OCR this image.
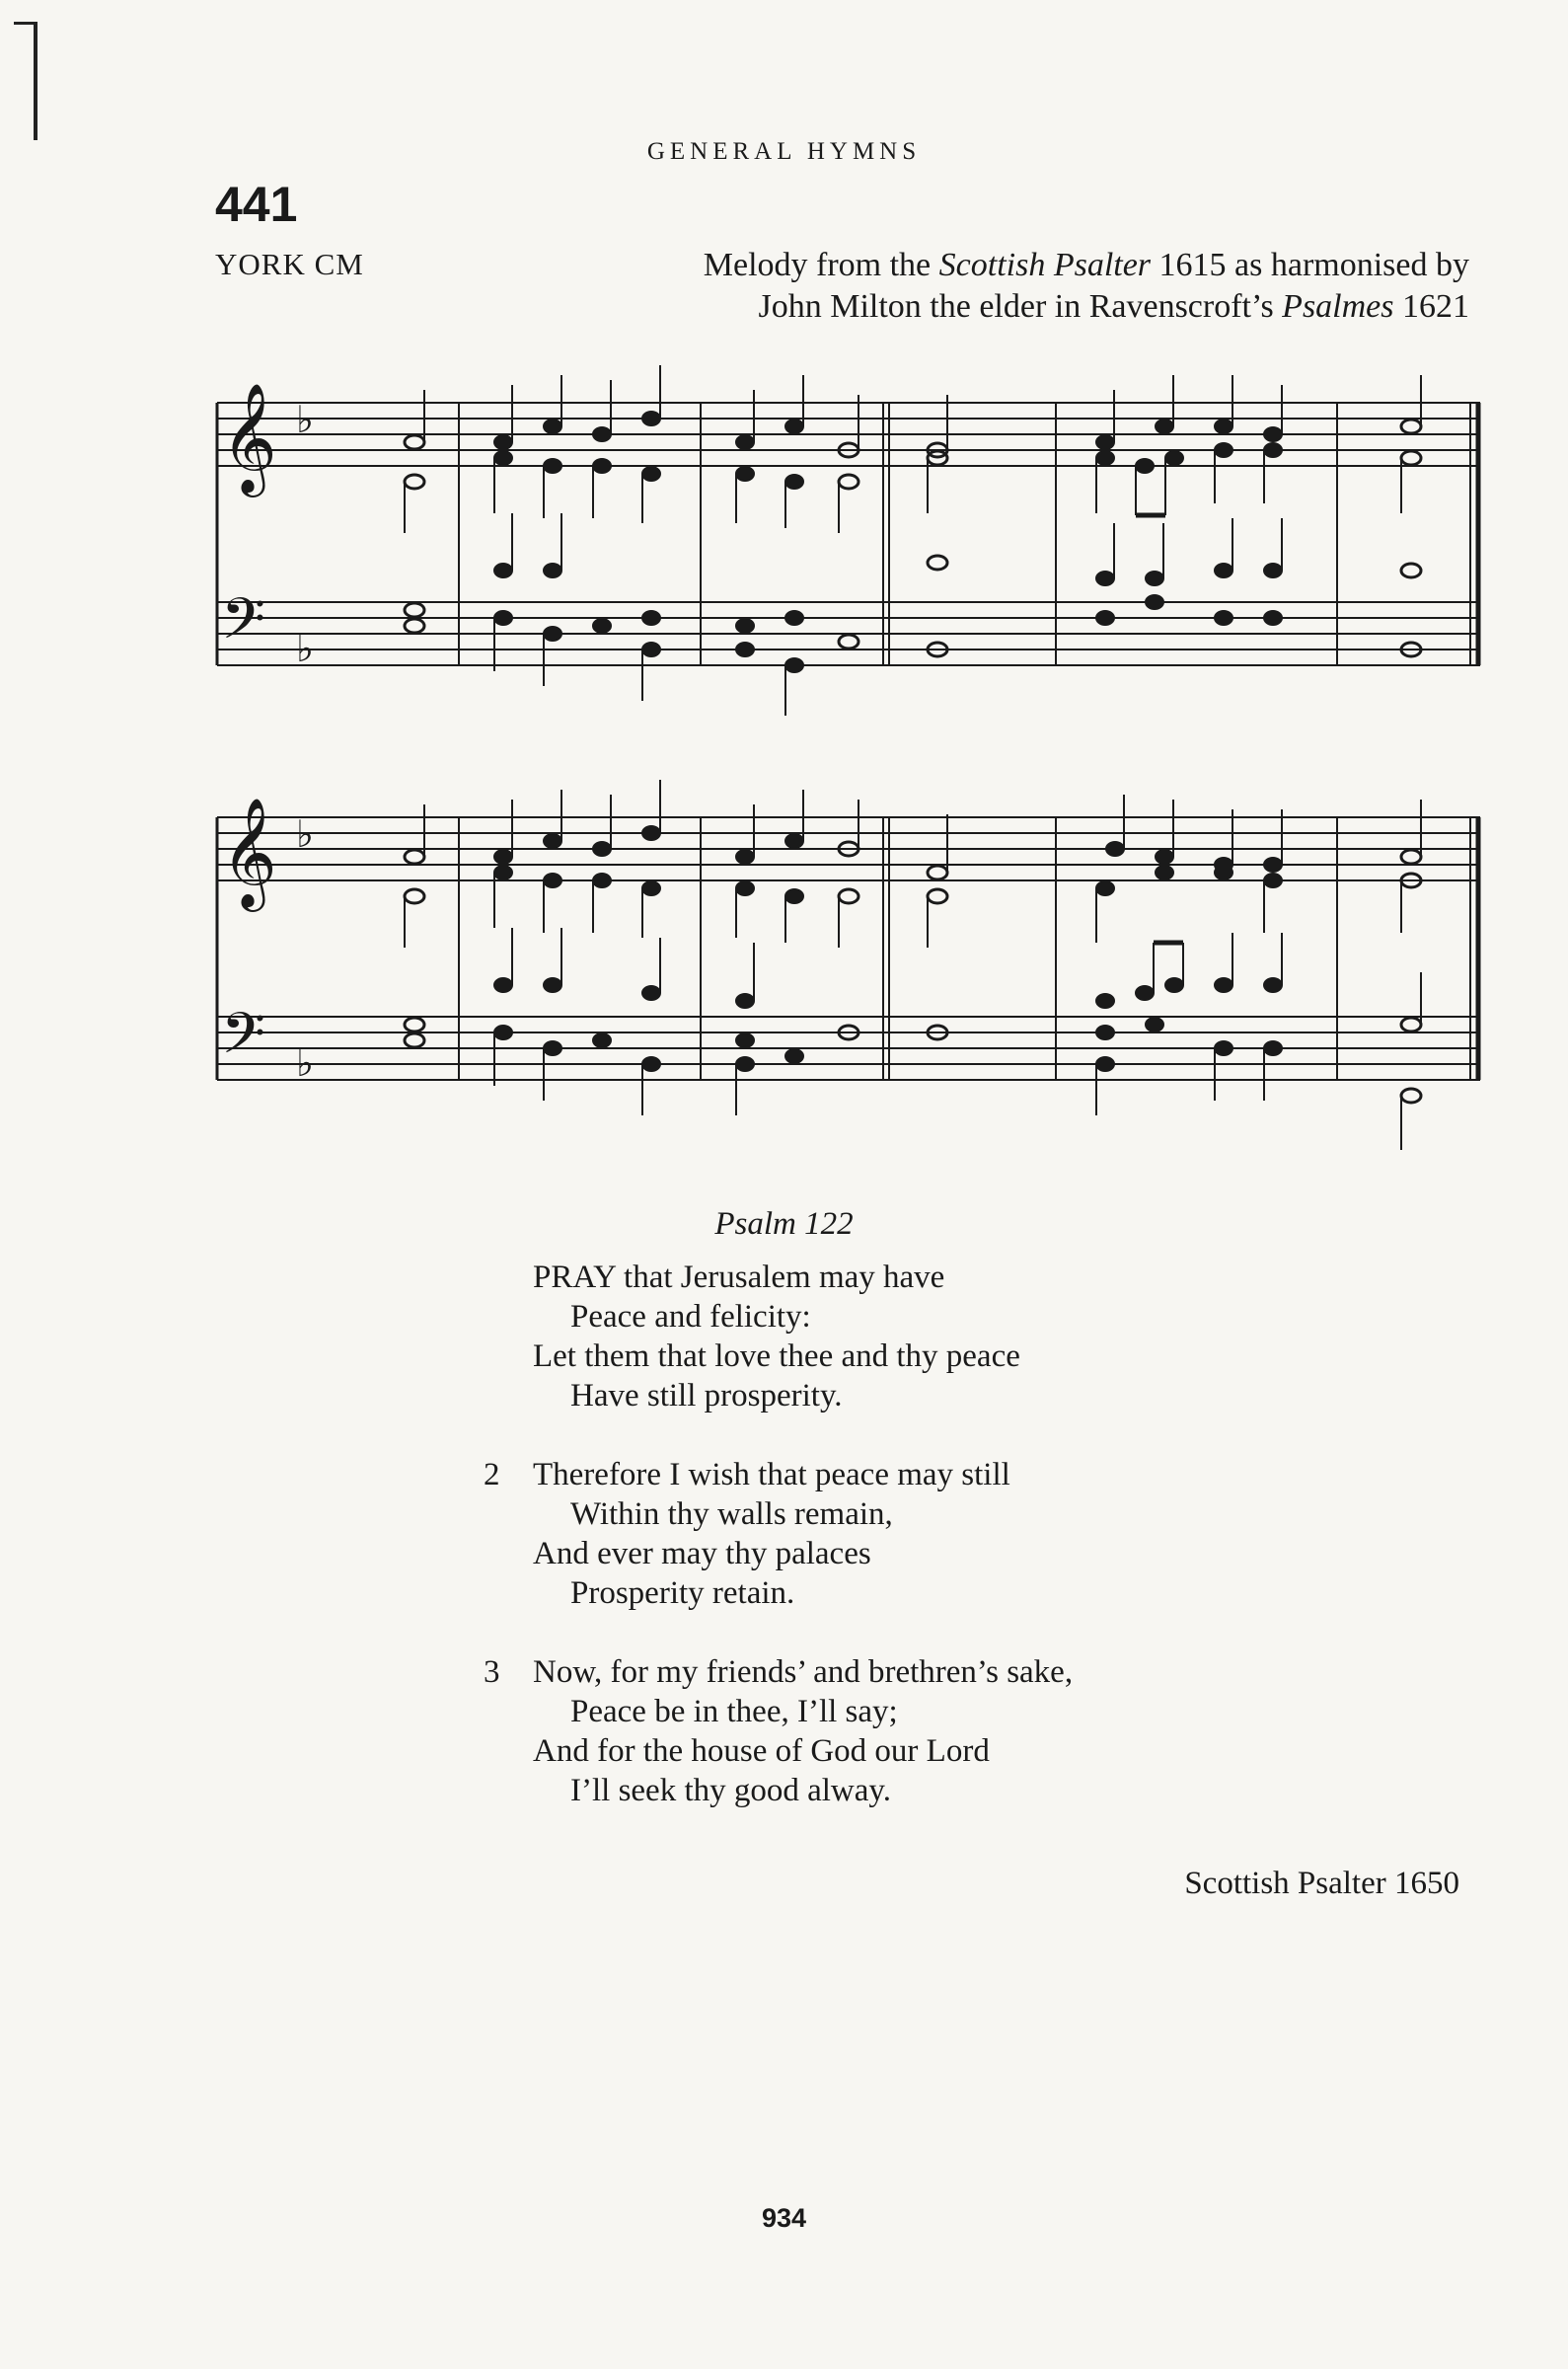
GENERAL HYMNS
441
YORK CM	Melody from the Scottish Psalter 1615 as harmonised by
John Milton the elder in Ravenscroft’s Psalmes 1621
𝄞
𝄢
♭
♭
𝄞
𝄢
♭
♭
Psalm 122
PRAY that Jerusalem may have
Peace and felicity:
Let them that love thee and thy peace
Have still prosperity.
2 Therefore I wish that peace may still
Within thy walls remain,
And ever may thy palaces
Prosperity retain.
3 Now, for my friends’ and brethren’s sake,
Peace be in thee, I’ll say;
And for the house of God our Lord
I’ll seek thy good alway.
Scottish Psalter 1650
934
